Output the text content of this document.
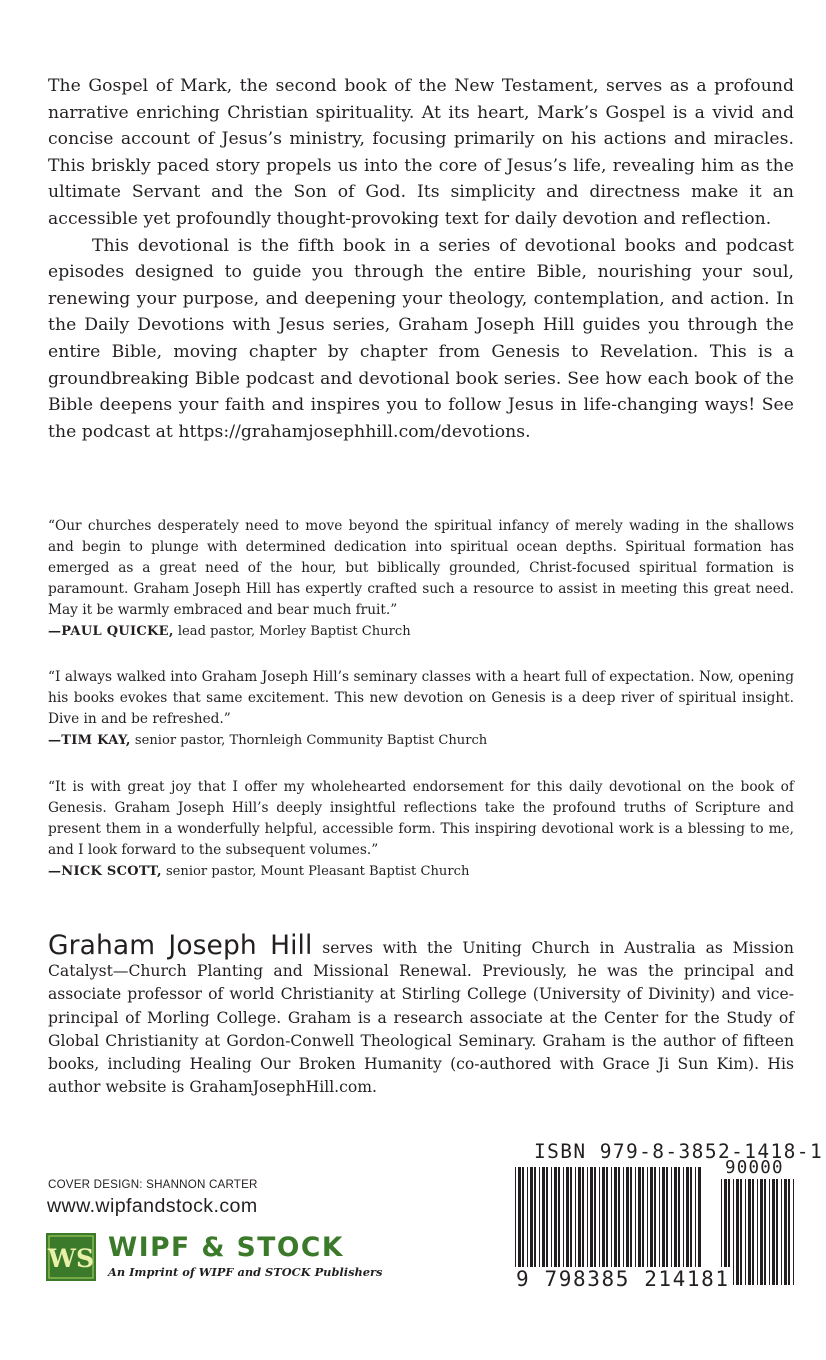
The Gospel of Mark, the second book of the New Testament, serves as a profound narrative enriching Christian spirituality. At its heart, Mark’s Gospel is a vivid and concise account of Jesus’s ministry, focusing primarily on his actions and miracles. This briskly paced story propels us into the core of Jesus’s life, revealing him as the ultimate Servant and the Son of God. Its simplicity and directness make it an accessible yet profoundly thought-provoking text for daily devotion and reflection.

This devotional is the fifth book in a series of devotional books and podcast episodes designed to guide you through the entire Bible, nourishing your soul, renewing your purpose, and deepening your theology, contemplation, and action. In the Daily Devotions with Jesus series, Graham Joseph Hill guides you through the entire Bible, moving chapter by chapter from Genesis to Revelation. This is a groundbreaking Bible podcast and devotional book series. See how each book of the Bible deepens your faith and inspires you to follow Jesus in life-changing ways! See the podcast at https://grahamjosephhill.com/devotions.

“Our churches desperately need to move beyond the spiritual infancy of merely wading in the shallows and begin to plunge with determined dedication into spiritual ocean depths. Spiritual formation has emerged as a great need of the hour, but biblically grounded, Christ-focused spiritual formation is paramount. Graham Joseph Hill has expertly crafted such a resource to assist in meeting this great need. May it be warmly embraced and bear much fruit.”

—PAUL QUICKE, lead pastor, Morley Baptist Church

“I always walked into Graham Joseph Hill’s seminary classes with a heart full of expectation. Now, opening his books evokes that same excitement. This new devotion on Genesis is a deep river of spiritual insight. Dive in and be refreshed.”

—TIM KAY, senior pastor, Thornleigh Community Baptist Church

“It is with great joy that I offer my wholehearted endorsement for this daily devotional on the book of Genesis. Graham Joseph Hill’s deeply insightful reflections take the profound truths of Scripture and present them in a wonderfully helpful, accessible form. This inspiring devotional work is a blessing to me, and I look forward to the subsequent volumes.”

—NICK SCOTT, senior pastor, Mount Pleasant Baptist Church

Graham Joseph Hill serves with the Uniting Church in Australia as Mission Catalyst—Church Planting and Missional Renewal. Previously, he was the principal and associate professor of world Christianity at Stirling College (University of Divinity) and vice-principal of Morling College. Graham is a research associate at the Center for the Study of Global Christianity at Gordon-Conwell Theological Seminary. Graham is the author of fifteen books, including Healing Our Broken Humanity (co-authored with Grace Ji Sun Kim). His author website is GrahamJosephHill.com.

COVER DESIGN: SHANNON CARTER
www.wipfandstock.com
WS WIPF & STOCK
An Imprint of WIPF and STOCK Publishers
ISBN 979-8-3852-1418-1
90000
9 798385 214181
